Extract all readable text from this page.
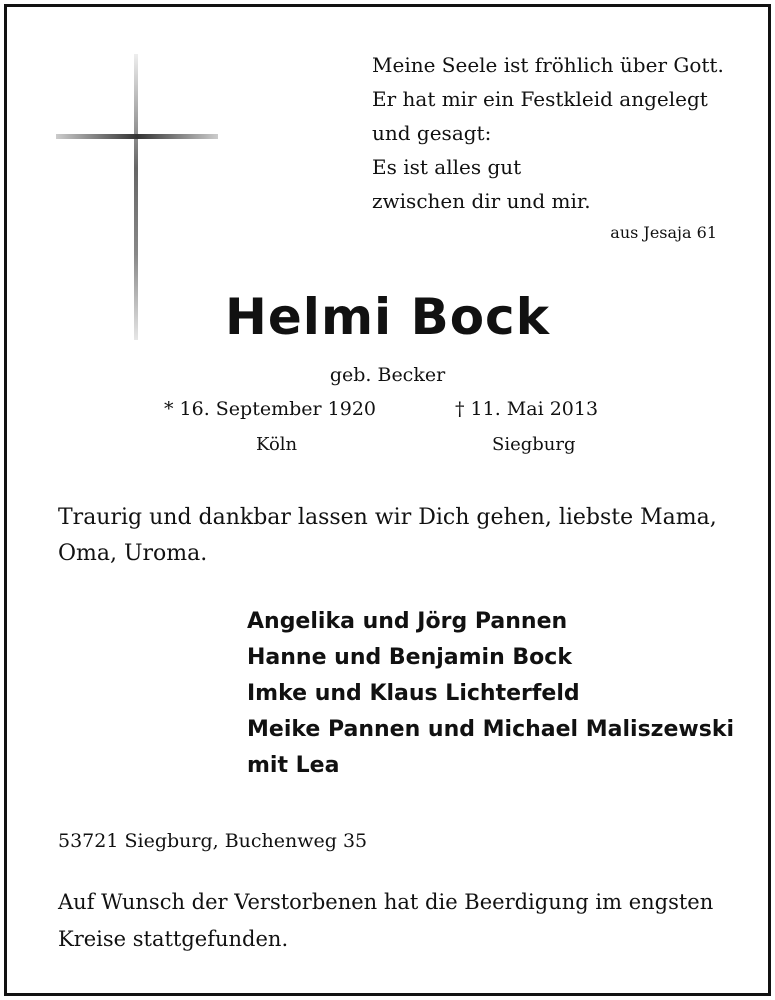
Meine Seele ist fröhlich über Gott.
Er hat mir ein Festkleid angelegt
und gesagt:
Es ist alles gut
zwischen dir und mir.
aus Jesaja 61
Helmi Bock
geb. Becker
* 16. September 1920	† 11. Mai 2013
Köln	Siegburg
Traurig und dankbar lassen wir Dich gehen, liebste Mama, Oma, Uroma.
Angelika und Jörg Pannen
Hanne und Benjamin Bock
Imke und Klaus Lichterfeld
Meike Pannen und Michael Maliszewski
mit Lea
53721 Siegburg, Buchenweg 35
Auf Wunsch der Verstorbenen hat die Beerdigung im engsten Kreise stattgefunden.
